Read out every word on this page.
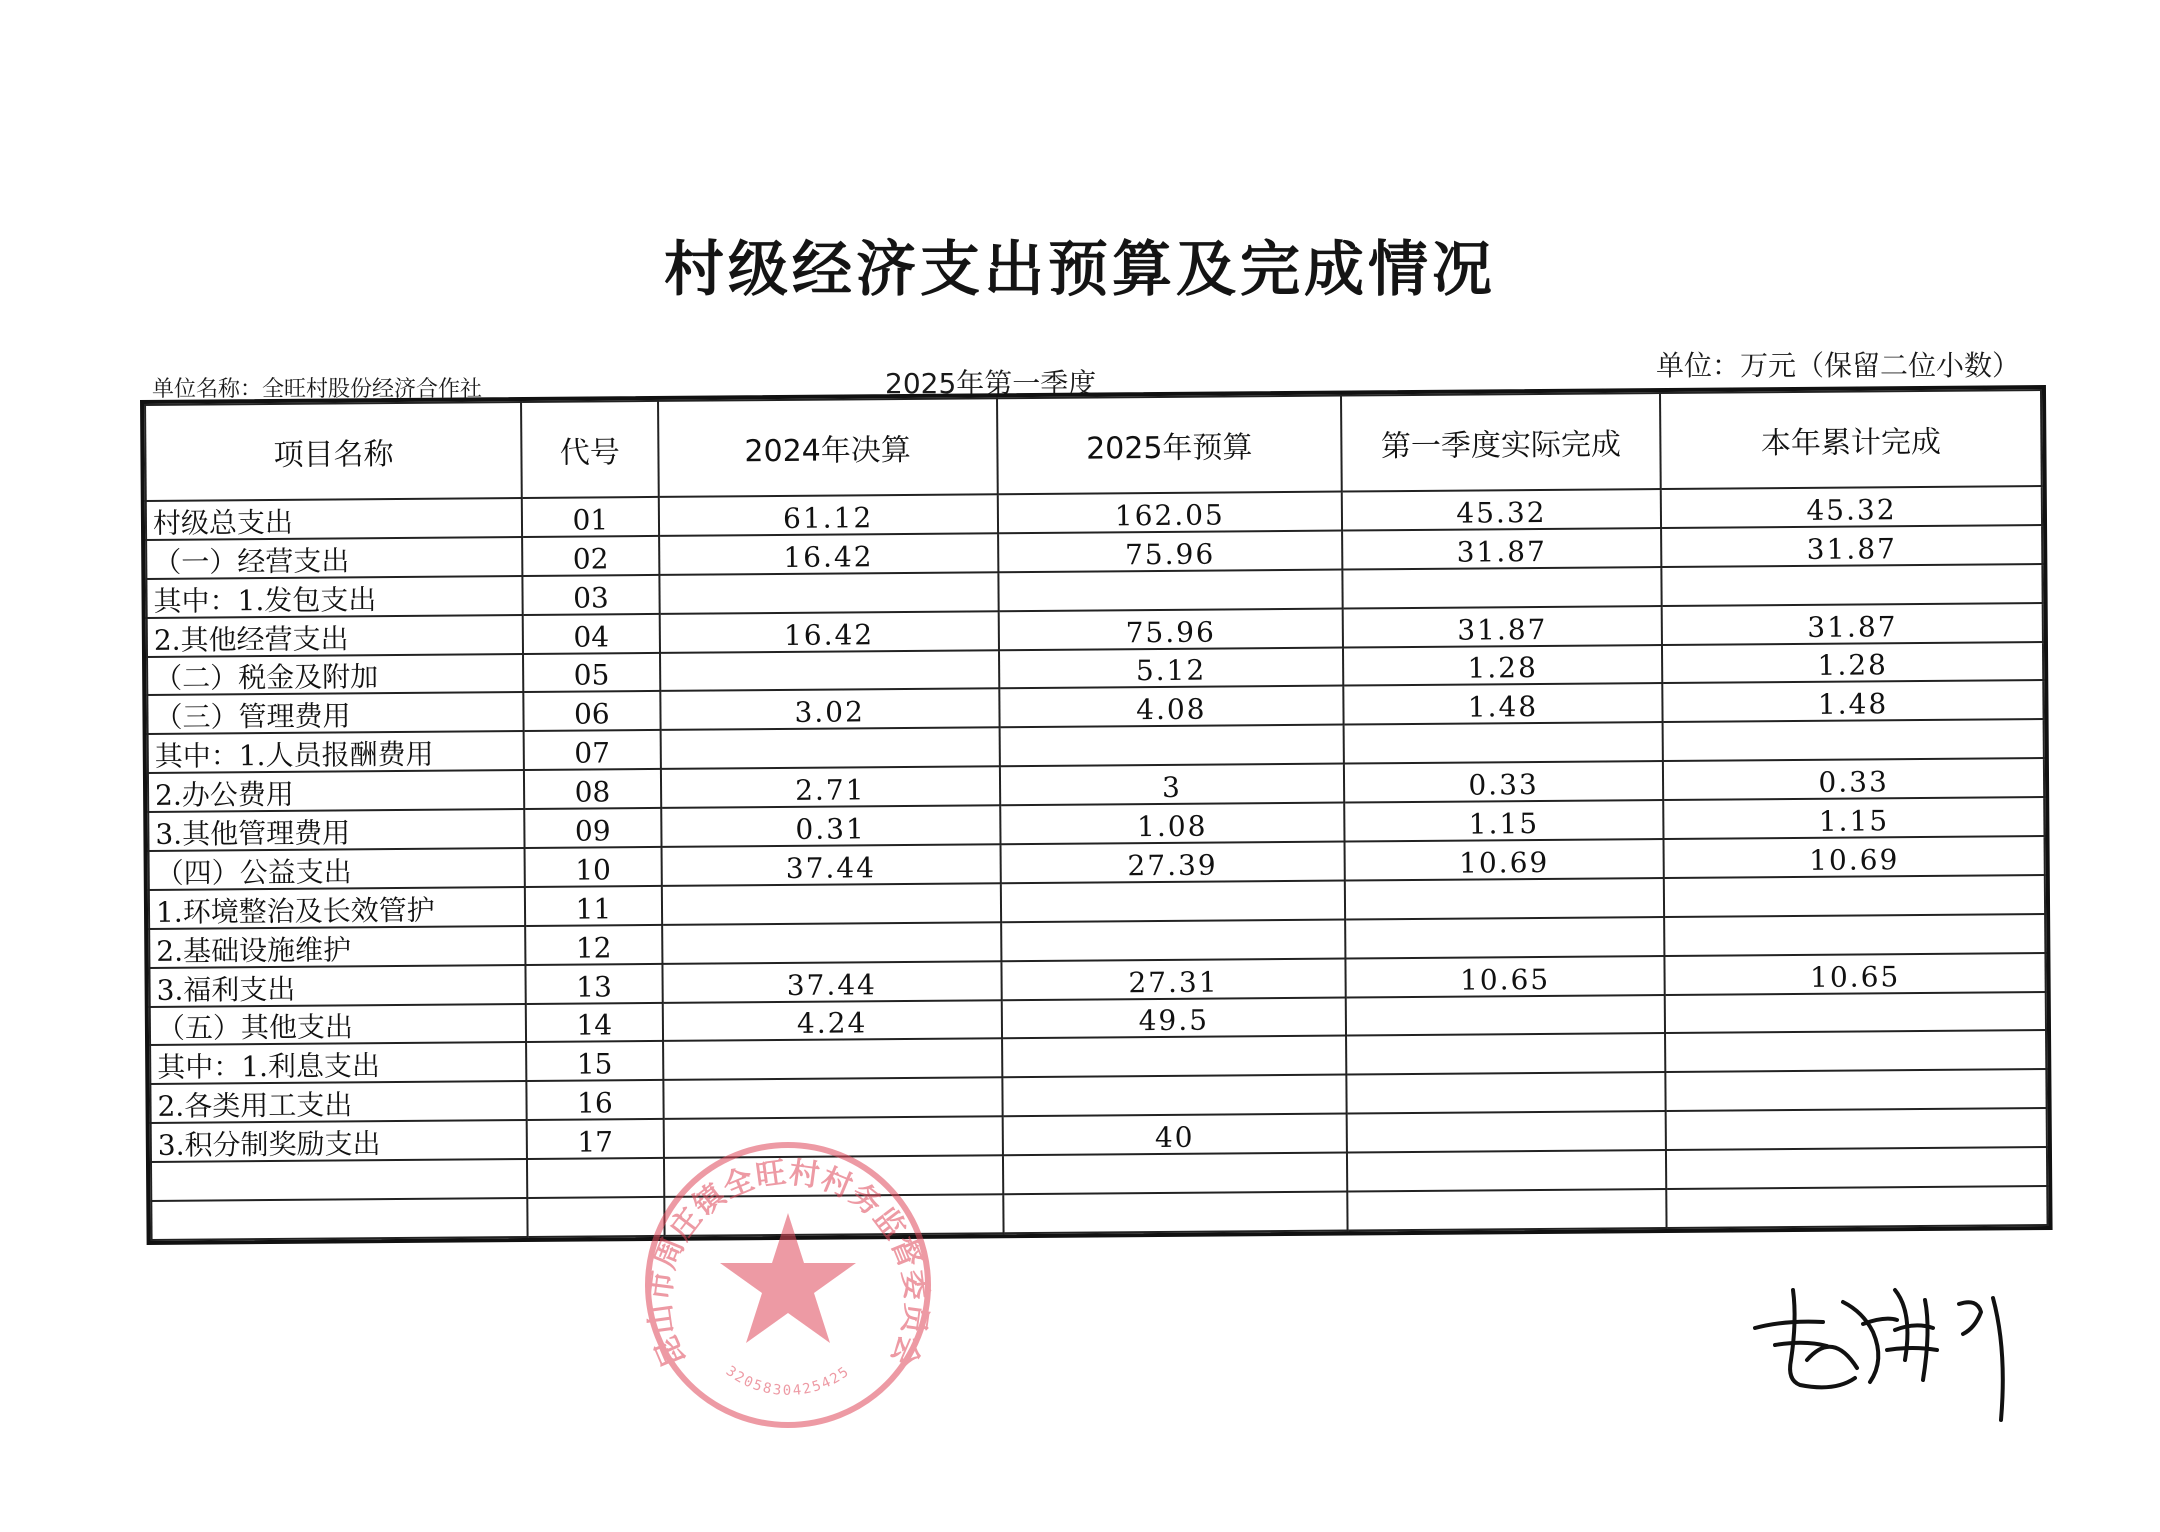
村级经济支出预算及完成情况
单位名称：全旺村股份经济合作社	2025年第一季度
单位：万元（保留二位小数）
项目名称	代号	2024年决算	2025年预算	第一季度实际完成	本年累计完成
村级总支出	01	61.12	162.05	45.32	45.32
（一）经营支出	02	16.42	75.96	31.87	31.87
其中：1.发包支出	03				
2.其他经营支出	04	16.42	75.96	31.87	31.87
（二）税金及附加	05		5.12	1.28	1.28
（三）管理费用	06	3.02	4.08	1.48	1.48
其中：1.人员报酬费用	07				
2.办公费用	08	2.71	3	0.33	0.33
3.其他管理费用	09	0.31	1.08	1.15	1.15
（四）公益支出	10	37.44	27.39	10.69	10.69
1.环境整治及长效管护	11				
2.基础设施维护	12				
3.福利支出	13	37.44	27.31	10.65	10.65
（五）其他支出	14	4.24	49.5		
其中：1.利息支出	15				
2.各类用工支出	16				
3.积分制奖励支出	17		40		

昆山市周庄镇全旺村村务监督委员会
3205830425425
